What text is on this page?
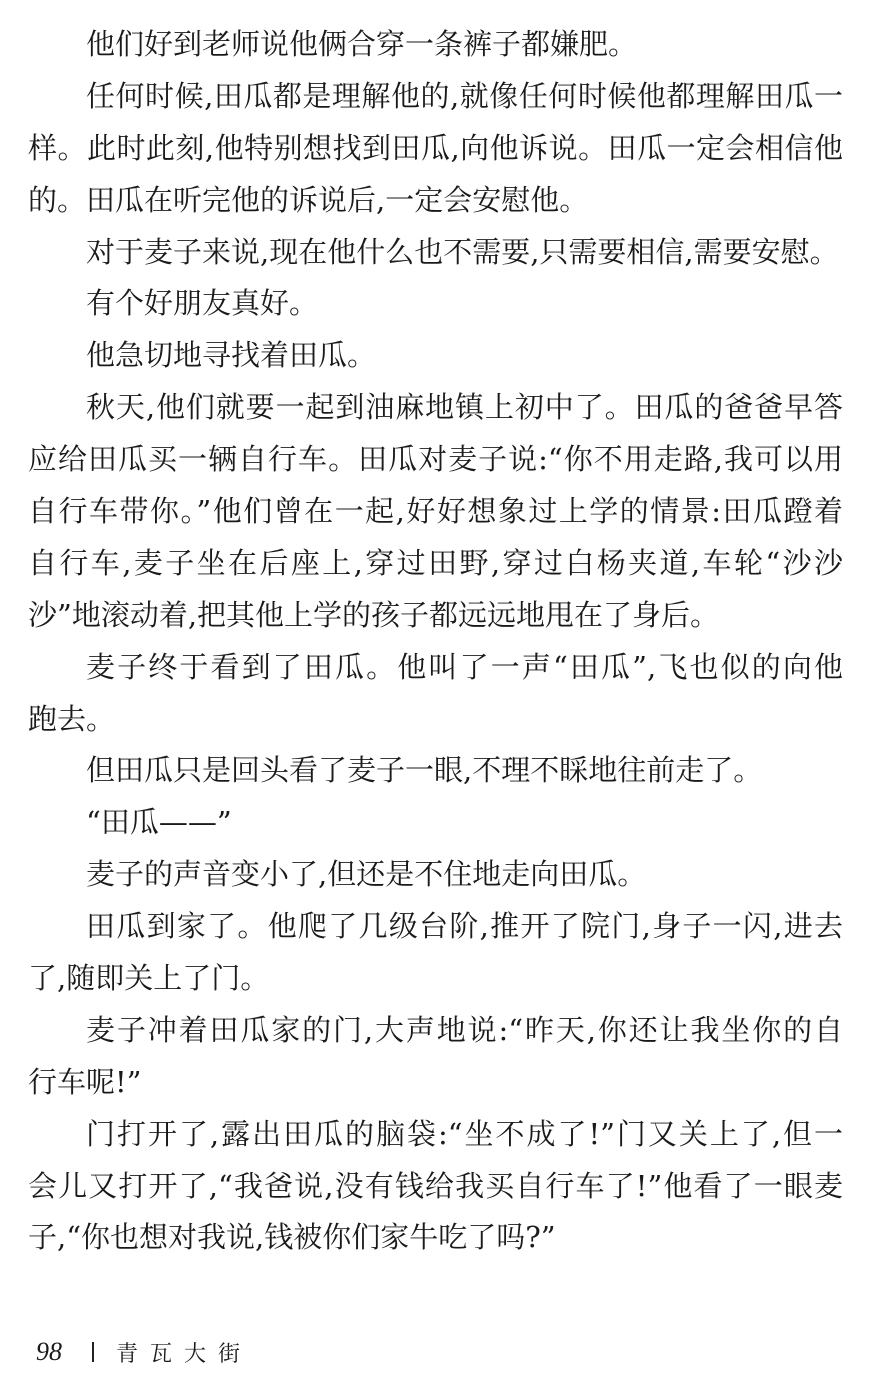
他们好到老师说他俩合穿一条裤子都嫌肥。
任何时候,田瓜都是理解他的,就像任何时候他都理解田瓜一
样。此时此刻,他特别想找到田瓜,向他诉说。田瓜一定会相信他
的。田瓜在听完他的诉说后,一定会安慰他。
对于麦子来说,现在他什么也不需要,只需要相信,需要安慰。
有个好朋友真好。
他急切地寻找着田瓜。
秋天,他们就要一起到油麻地镇上初中了。田瓜的爸爸早答
应给田瓜买一辆自行车。田瓜对麦子说:“你不用走路,我可以用
自行车带你。”他们曾在一起,好好想象过上学的情景:田瓜蹬着
自行车,麦子坐在后座上,穿过田野,穿过白杨夹道,车轮“沙沙
沙”地滚动着,把其他上学的孩子都远远地甩在了身后。
麦子终于看到了田瓜。他叫了一声“田瓜”,飞也似的向他
跑去。
但田瓜只是回头看了麦子一眼,不理不睬地往前走了。
“田瓜——”
麦子的声音变小了,但还是不住地走向田瓜。
田瓜到家了。他爬了几级台阶,推开了院门,身子一闪,进去
了,随即关上了门。
麦子冲着田瓜家的门,大声地说:“昨天,你还让我坐你的自
行车呢!”
门打开了,露出田瓜的脑袋:“坐不成了!”门又关上了,但一
会儿又打开了,“我爸说,没有钱给我买自行车了!”他看了一眼麦
子,“你也想对我说,钱被你们家牛吃了吗?”
98 青瓦大街
